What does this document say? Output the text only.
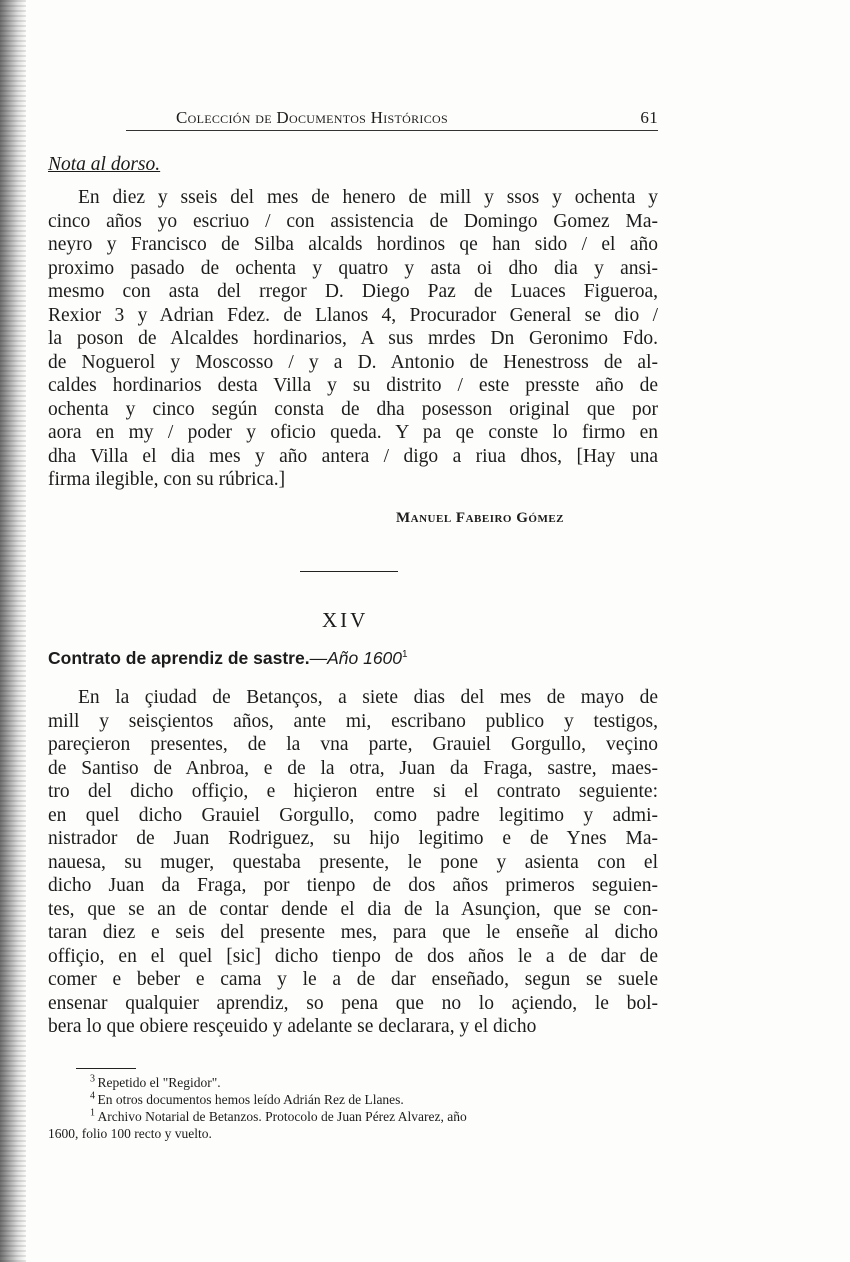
Colección de Documentos Históricos	61
Nota al dorso.
En diez y sseis del mes de henero de mill y ssos y ochenta y
cinco años yo escriuo / con assistencia de Domingo Gomez Ma-
neyro y Francisco de Silba alcalds hordinos qe han sido / el año
proximo pasado de ochenta y quatro y asta oi dho dia y ansi-
mesmo con asta del rregor D. Diego Paz de Luaces Figueroa,
Rexior 3 y Adrian Fdez. de Llanos 4, Procurador General se dio /
la poson de Alcaldes hordinarios, A sus mrdes Dn Geronimo Fdo.
de Noguerol y Moscosso / y a D. Antonio de Henestross de al-
caldes hordinarios desta Villa y su distrito / este presste año de
ochenta y cinco según consta de dha posesson original que por
aora en my / poder y oficio queda. Y pa qe conste lo firmo en
dha Villa el dia mes y año antera / digo a riua dhos, [Hay una
firma ilegible, con su rúbrica.]
Manuel Fabeiro Gómez
XIV
Contrato de aprendiz de sastre.—Año 1600$^1$
En la çiudad de Betanços, a siete dias del mes de mayo de
mill y seisçientos años, ante mi, escribano publico y testigos,
pareçieron presentes, de la vna parte, Grauiel Gorgullo, veçino
de Santiso de Anbroa, e de la otra, Juan da Fraga, sastre, maes-
tro del dicho offiçio, e hiçieron entre si el contrato seguiente:
en quel dicho Grauiel Gorgullo, como padre legitimo y admi-
nistrador de Juan Rodriguez, su hijo legitimo e de Ynes Ma-
nauesa, su muger, questaba presente, le pone y asienta con el
dicho Juan da Fraga, por tienpo de dos años primeros seguien-
tes, que se an de contar dende el dia de la Asunçion, que se con-
taran diez e seis del presente mes, para que le enseñe al dicho
offiçio, en el quel [sic] dicho tienpo de dos años le a de dar de
comer e beber e cama y le a de dar enseñado, segun se suele
ensenar qualquier aprendiz, so pena que no lo açiendo, le bol-
bera lo que obiere resçeuido y adelante se declarara, y el dicho
$^3$ Repetido el "Regidor".
$^4$ En otros documentos hemos leído Adrián Rez de Llanes.
$^1$ Archivo Notarial de Betanzos. Protocolo de Juan Pérez Alvarez, año
1600, folio 100 recto y vuelto.
